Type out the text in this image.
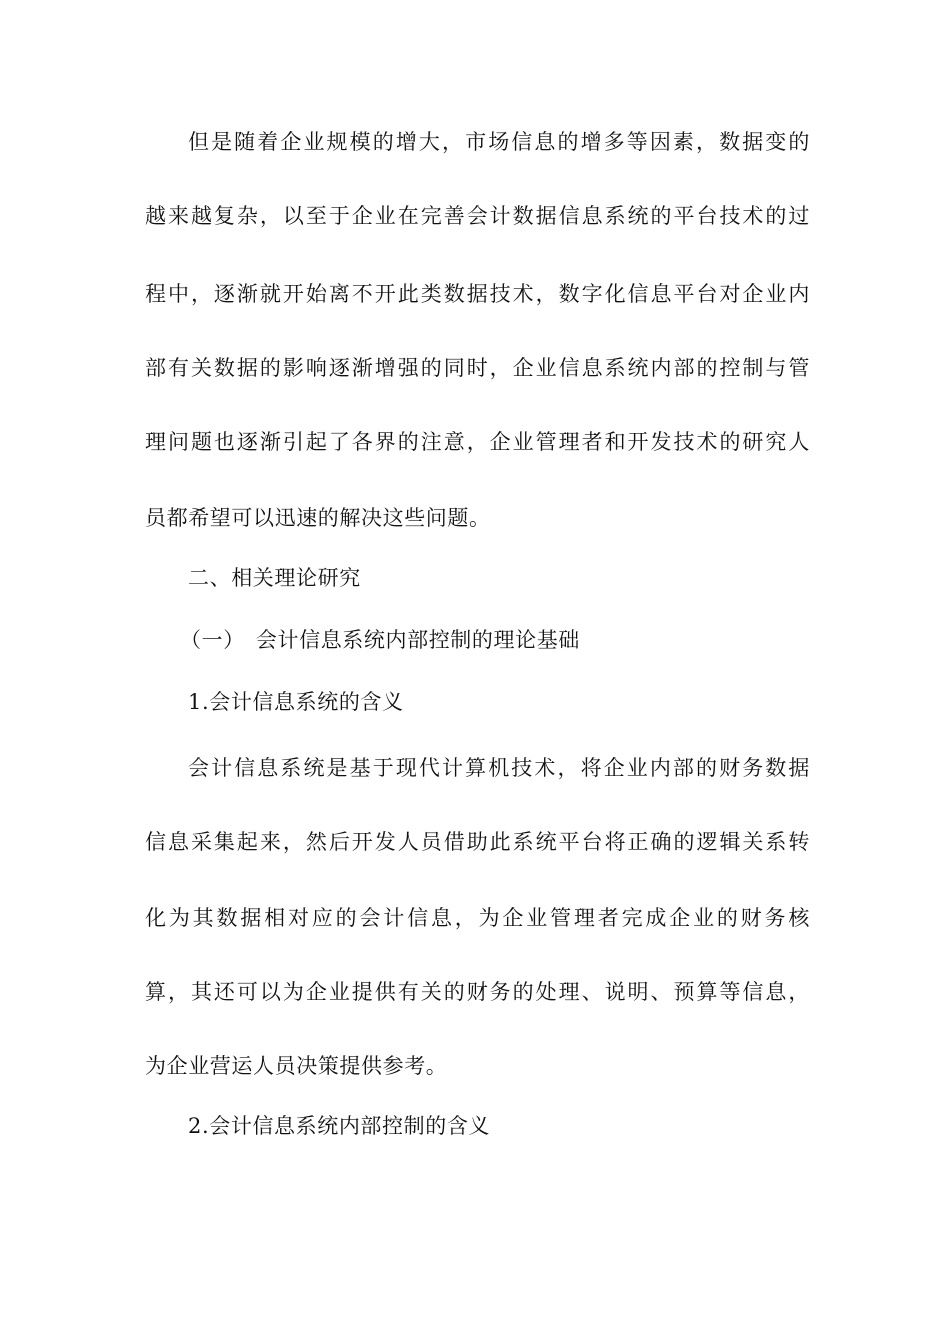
但是随着企业规模的增大，市场信息的增多等因素，数据变的
越来越复杂，以至于企业在完善会计数据信息系统的平台技术的过
程中，逐渐就开始离不开此类数据技术，数字化信息平台对企业内
部有关数据的影响逐渐增强的同时，企业信息系统内部的控制与管
理问题也逐渐引起了各界的注意，企业管理者和开发技术的研究人
员都希望可以迅速的解决这些问题。
二、相关理论研究
（一）　会计信息系统内部控制的理论基础
1.会计信息系统的含义
会计信息系统是基于现代计算机技术，将企业内部的财务数据
信息采集起来，然后开发人员借助此系统平台将正确的逻辑关系转
化为其数据相对应的会计信息，为企业管理者完成企业的财务核
算，其还可以为企业提供有关的财务的处理、说明、预算等信息，
为企业营运人员决策提供参考。
2.会计信息系统内部控制的含义
